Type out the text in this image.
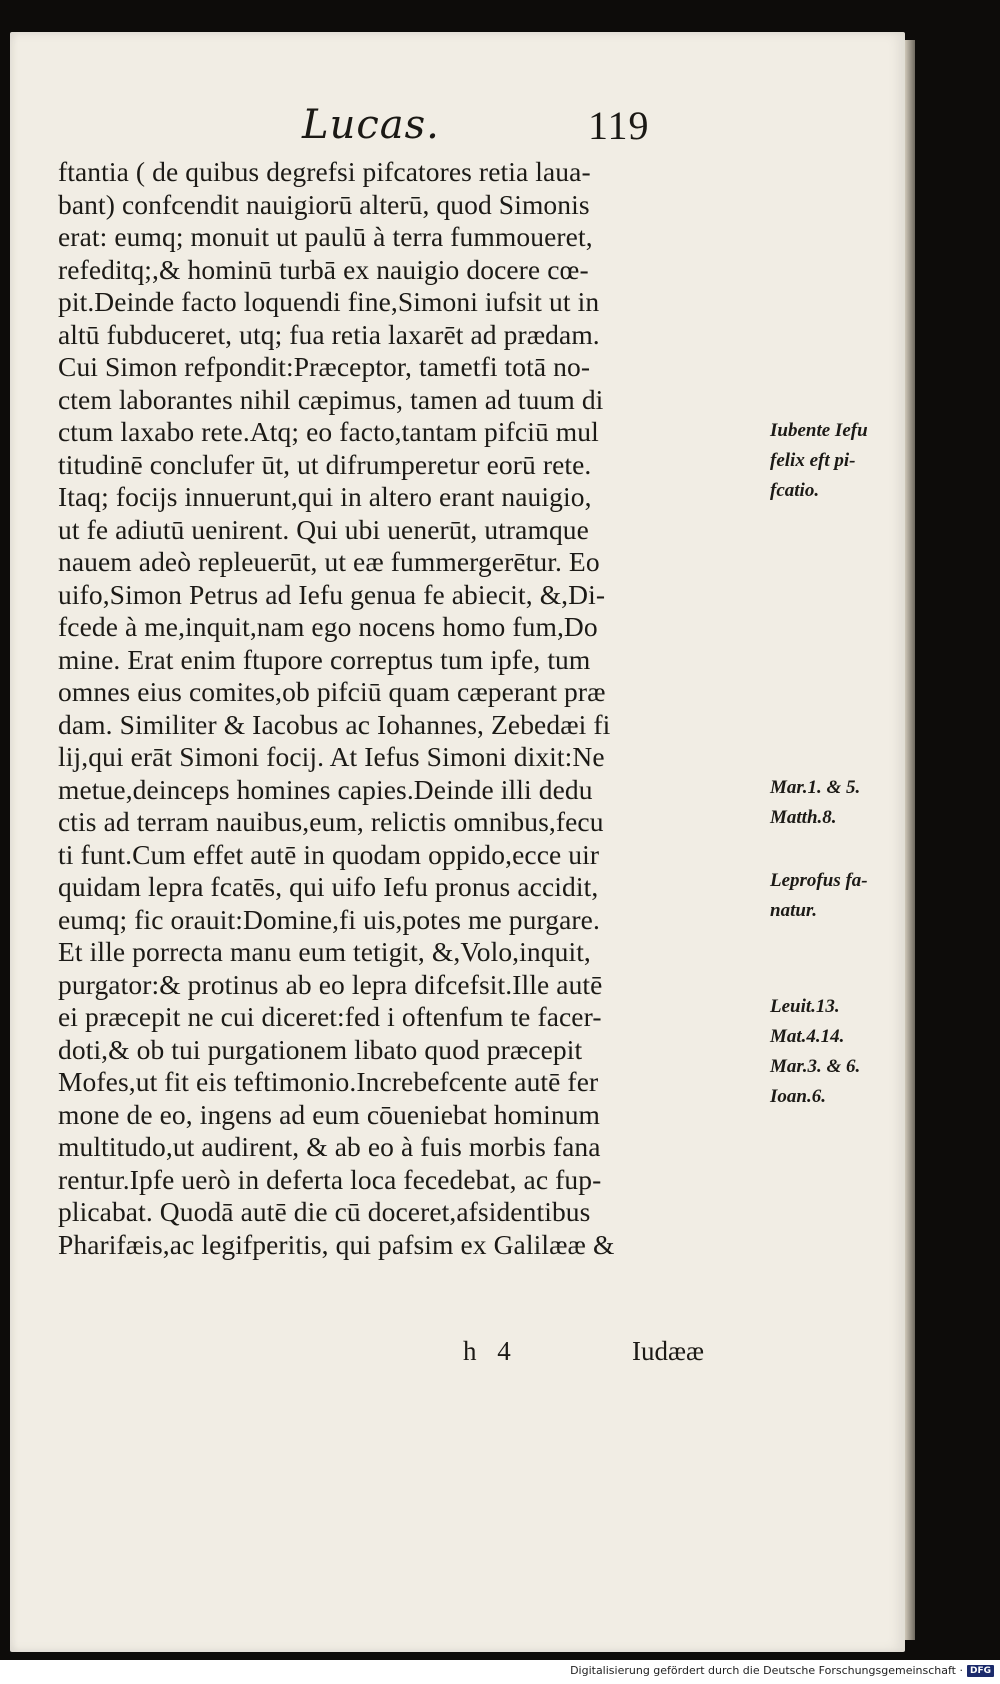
Lucas.	119
ftantia ( de quibus degrefsi pifcatores retia laua-
bant) confcendit nauigiorū alterū, quod Simonis
erat: eumq; monuit ut paulū à terra fummoueret,
refeditq;,& hominū turbā ex nauigio docere cœ-
pit.Deinde facto loquendi fine,Simoni iufsit ut in
altū fubduceret, utq; fua retia laxarēt ad prædam.
Cui Simon refpondit:Præceptor, tametfi totā no-
ctem laborantes nihil cæpimus, tamen ad tuum di
ctum laxabo rete.Atq; eo facto,tantam pifciū mul
titudinē conclufer ūt, ut difrumperetur eorū rete.
Itaq; focijs innuerunt,qui in altero erant nauigio,
ut fe adiutū uenirent. Qui ubi uenerūt, utramque
nauem adeò repleuerūt, ut eæ fummergerētur. Eo
uifo,Simon Petrus ad Iefu genua fe abiecit, &,Di-
fcede à me,inquit,nam ego nocens homo fum,Do
mine. Erat enim ftupore correptus tum ipfe, tum
omnes eius comites,ob pifciū quam cæperant præ
dam. Similiter & Iacobus ac Iohannes, Zebedæi fi
lij,qui erāt Simoni focij. At Iefus Simoni dixit:Ne
metue,deinceps homines capies.Deinde illi dedu
ctis ad terram nauibus,eum, relictis omnibus,fecu
ti funt.Cum effet autē in quodam oppido,ecce uir
quidam lepra fcatēs, qui uifo Iefu pronus accidit,
eumq; fic orauit:Domine,fi uis,potes me purgare.
Et ille porrecta manu eum tetigit, &,Volo,inquit,
purgator:& protinus ab eo lepra difcefsit.Ille autē
ei præcepit ne cui diceret:fed i oftenfum te facer-
doti,& ob tui purgationem libato quod præcepit
Mofes,ut fit eis teftimonio.Increbefcente autē fer
mone de eo, ingens ad eum cōueniebat hominum
multitudo,ut audirent, & ab eo à fuis morbis fana
rentur.Ipfe uerò in deferta loca fecedebat, ac fup-
plicabat. Quodā autē die cū doceret,afsidentibus
Pharifæis,ac legifperitis, qui pafsim ex Galilææ &
Iubente Iefu
felix eft pi-
fcatio.
Mar.1. & 5.
Matth.8.
Leprofus fa-
natur.
Leuit.13.
Mat.4.14.
Mar.3. & 6.
Ioan.6.
h 4	Iudææ
Digitalisierung gefördert durch die Deutsche Forschungsgemeinschaft · DFG
